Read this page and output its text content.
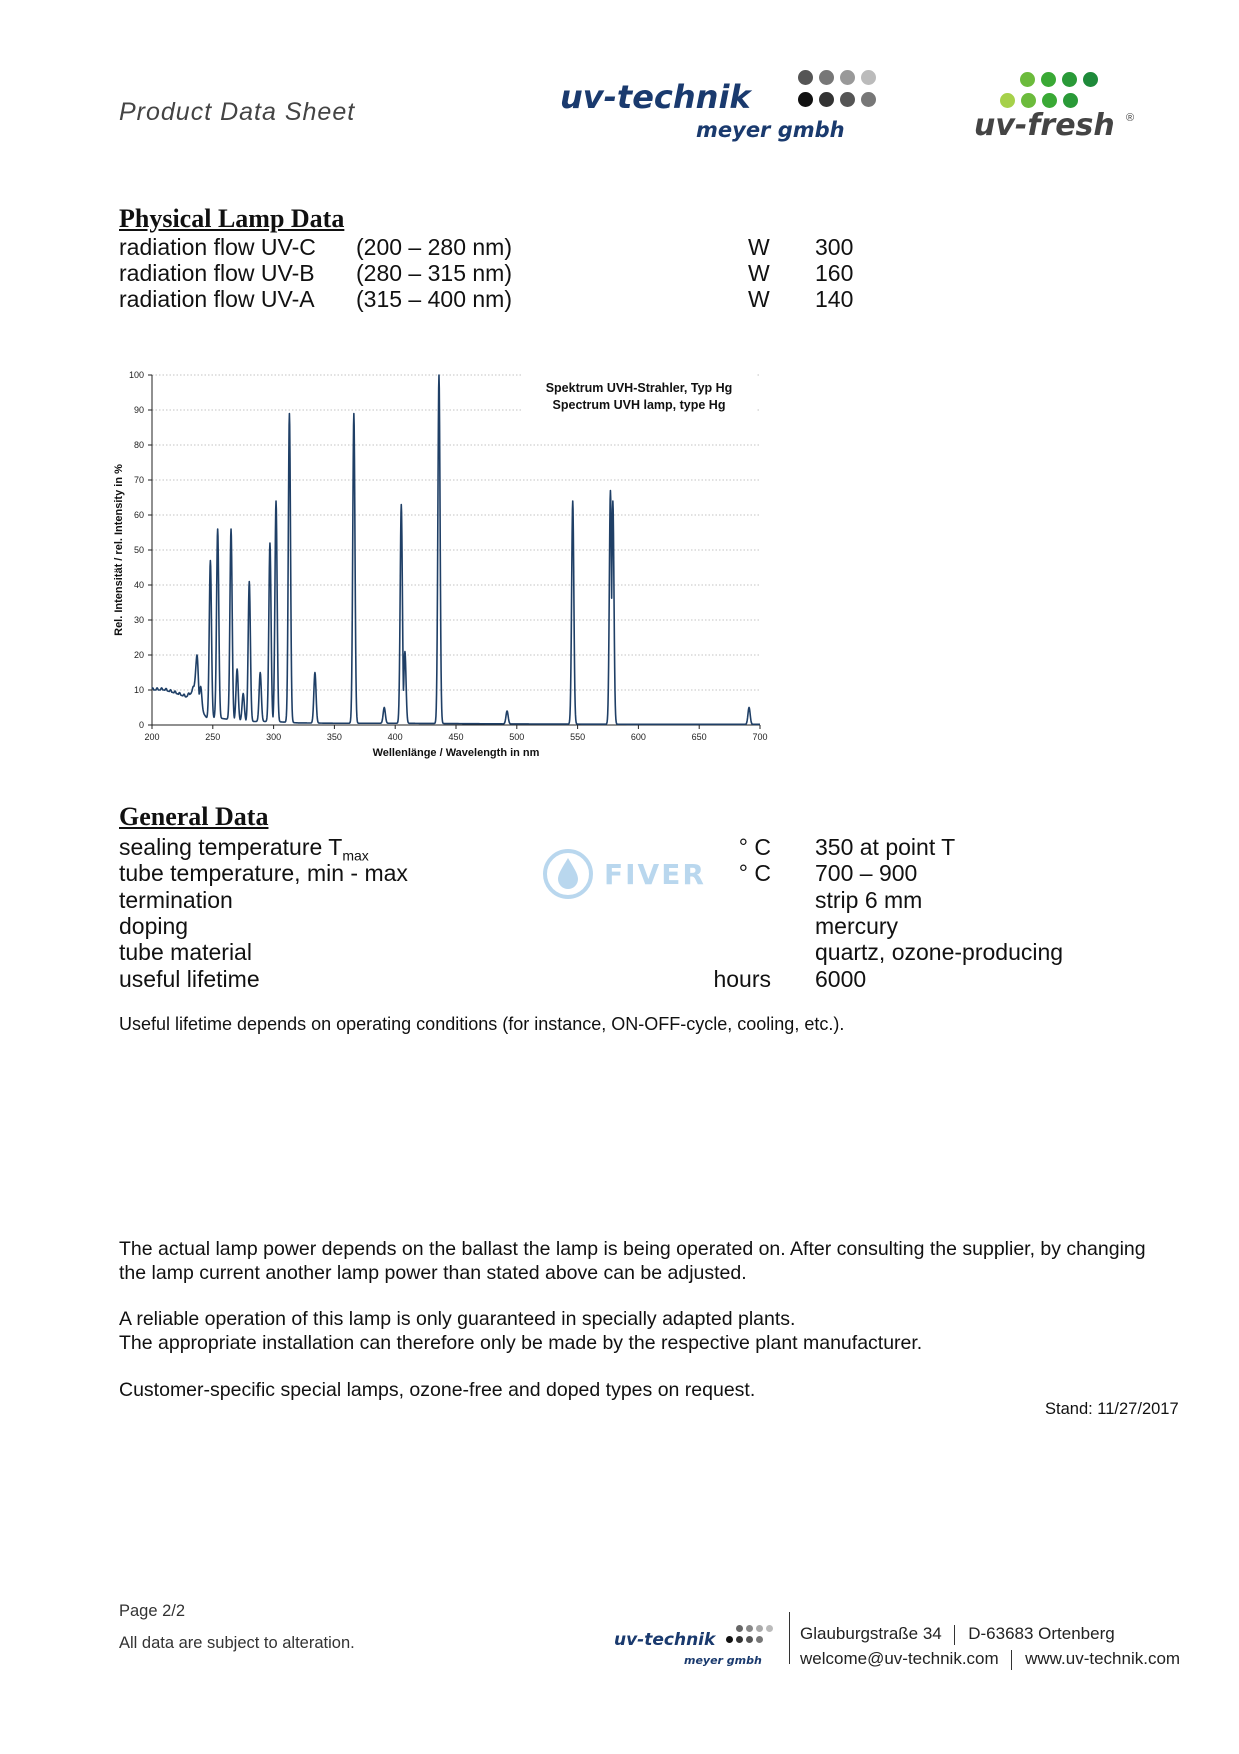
Product Data Sheet	uv-technik
meyer gmbh	uv-fresh ®
Physical Lamp Data
radiation flow UV-C (200 – 280 nm)	W 300
radiation flow UV-B (280 – 315 nm)	W 160
radiation flow UV-A (315 – 400 nm)	W 140
0
10
20
30
40
50
60
70
80
90
100
200	250	300	350	400	450	500	550	600	650	700
Spektrum UVH-Strahler, Typ Hg
Spectrum UVH lamp, type Hg
Wellenlänge / Wavelength in nm
Rel. Intensität / rel. Intensity in %
General Data
sealing temperature $T_{max}$	° C 350 at point T
tube temperature, min - max	° C 700 – 900
termination	strip 6 mm
doping	mercury
tube material	quartz, ozone-producing
useful lifetime	hours 6000
FIVER
Useful lifetime depends on operating conditions (for instance, ON-OFF-cycle, cooling, etc.).
The actual lamp power depends on the ballast the lamp is being operated on. After consulting the supplier, by changing the lamp current another lamp power than stated above can be adjusted.
A reliable operation of this lamp is only guaranteed in specially adapted plants.
The appropriate installation can therefore only be made by the respective plant manufacturer.
Customer-specific special lamps, ozone-free and doped types on request.
Stand: 11/27/2017
Page 2/2
All data are subject to alteration.	uv-technik
meyer gmbh
Glauburgstraße 34 D-63683 Ortenberg
welcome@uv-technik.com www.uv-technik.com
